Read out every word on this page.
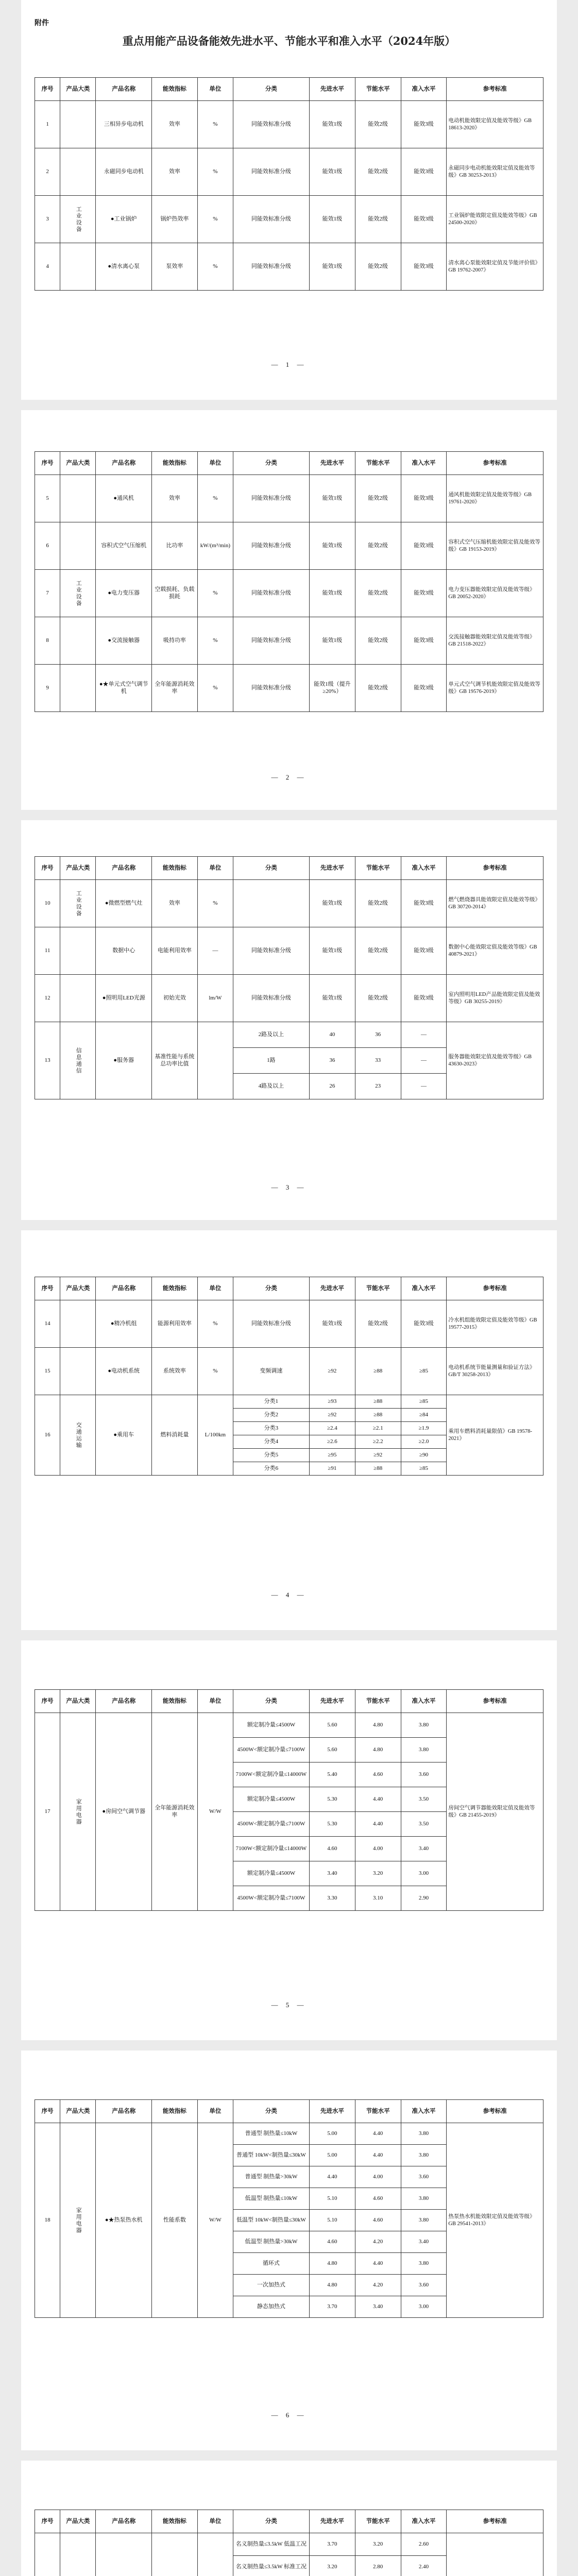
附件
重点用能产品设备能效先进水平、节能水平和准入水平（2024年版）
序号	产品大类	产品名称	能效指标	单位	分类	先进水平	节能水平	准入水平	参考标准
1		三相异步电动机	效率	%	同能效标准分级	能效1级	能效2级	能效3级	电动机能效限定值及能效等级》GB 18613-2020》
2		永磁同步电动机	效率	%	同能效标准分级	能效1级	能效2级	能效3级	永磁同步电动机能效限定值及能效等级》GB 30253-2013》
3	工业设备	●工业锅炉	锅炉热效率	%	同能效标准分级	能效1级	能效2级	能效3级	工业锅炉能效限定值及能效等级》GB 24500-2020》
4		●清水离心泵	泵效率	%	同能效标准分级	能效1级	能效2级	能效3级	清水离心泵能效限定值及节能评价值》GB 19762-2007》
— 1 —
序号	产品大类	产品名称	能效指标	单位	分类	先进水平	节能水平	准入水平	参考标准
5		●通风机	效率	%	同能效标准分级	能效1级	能效2级	能效3级	通风机能效限定值及能效等级》GB 19761-2020》
6		容积式空气压缩机	比功率	kW/(m³/min)	同能效标准分级	能效1级	能效2级	能效3级	容积式空气压缩机能效限定值及能效等级》GB 19153-2019》
7	工业设备	●电力变压器	空载损耗、负载损耗	%	同能效标准分级	能效1级	能效2级	能效3级	电力变压器能效限定值及能效等级》GB 20052-2020》
8		●交流接触器	吸持功率	%	同能效标准分级	能效1级	能效2级	能效3级	交流接触器能效限定值及能效等级》GB 21518-2022》
9		●★单元式空气调节机	全年能源消耗效率	%	同能效标准分级	能效1级（提升≥20%）	能效2级	能效3级	单元式空气调节机能效限定值及能效等级》GB 19576-2019》
— 2 —
序号	产品大类	产品名称	能效指标	单位	分类	先进水平	节能水平	准入水平	参考标准
10	工业设备	●微燃型燃气灶	效率	%		能效1级	能效2级	能效3级	燃气燃烧器具能效限定值及能效等级》GB 30720-2014》
11		数据中心	电能利用效率	—	同能效标准分级	能效1级	能效2级	能效3级	数据中心能效限定值及能效等级》GB 40879-2021》
12		●照明用LED光源	初始光效	lm/W	同能效标准分级	能效1级	能效2级	能效3级	室内照明用LED产品能效限定值及能效等级》GB 30255-2019》
13	信息通信	●服务器	基准性能与系统总功率比值		2路及以上	40	36	—	服务器能效限定值及能效等级》GB 43630-2023》
					1路	36	33	—	
					4路及以上	26	23	—	
— 3 —
序号	产品大类	产品名称	能效指标	单位	分类	先进水平	节能水平	准入水平	参考标准
14		●精冷机组	能源利用效率	%	同能效标准分级	能效1级	能效2级	能效3级	冷水机组能效限定值及能效等级》GB 19577-2015》
15		●电动机系统	系统效率	%	变频调速	≥92	≥88	≥85	电动机系统节能量测量和验证方法》GB/T 30258-2013》
16	交通运输	●乘用车	燃料消耗量	L/100km	分类1	≥93	≥88	≥85	乘用车燃料消耗量限值》GB 19578-2021》
					分类2	≥92	≥88	≥84	
					分类3	≥2.4	≥2.1	≥1.9	
					分类4	≥2.6	≥2.2	≥2.0	
					分类5	≥95	≥92	≥90	
					分类6	≥91	≥88	≥85	
— 4 —
序号	产品大类	产品名称	能效指标	单位	分类	先进水平	节能水平	准入水平	参考标准
17	家用电器	●房间空气调节器	全年能源消耗效率	W/W	额定制冷量≤4500W	5.60	4.80	3.80	房间空气调节器能效限定值及能效等级》GB 21455-2019》
					4500W<额定制冷量≤7100W	5.60	4.80	3.80	
					7100W<额定制冷量≤14000W	5.40	4.60	3.60	
					额定制冷量≤4500W	5.30	4.40	3.50	
					4500W<额定制冷量≤7100W	5.30	4.40	3.50	
					7100W<额定制冷量≤14000W	4.60	4.00	3.40	
					额定制冷量≤4500W	3.40	3.20	3.00	
					4500W<额定制冷量≤7100W	3.30	3.10	2.90	
— 5 —
序号	产品大类	产品名称	能效指标	单位	分类	先进水平	节能水平	准入水平	参考标准
18	家用电器	●★热泵热水机	性能系数	W/W	普通型 制热量≤10kW	5.00	4.40	3.80	热泵热水机能效限定值及能效等级》GB 29541-2013》
					普通型 10kW<制热量≤30kW	5.00	4.40	3.80	
					普通型 制热量>30kW	4.40	4.00	3.60	
					低温型 制热量≤10kW	5.10	4.60	3.80	
					低温型 10kW<制热量≤30kW	5.10	4.60	3.80	
					低温型 制热量>30kW	4.60	4.20	3.40	
					循环式	4.80	4.40	3.80	
					一次加热式	4.80	4.20	3.60	
					静态加热式	3.70	3.40	3.00	
— 6 —
序号	产品大类	产品名称	能效指标	单位	分类	先进水平	节能水平	准入水平	参考标准
					名义制热量≤3.5kW 低温工况	3.70	3.20	2.60	
					名义制热量≤3.5kW 标准工况	3.20	2.80	2.40	
